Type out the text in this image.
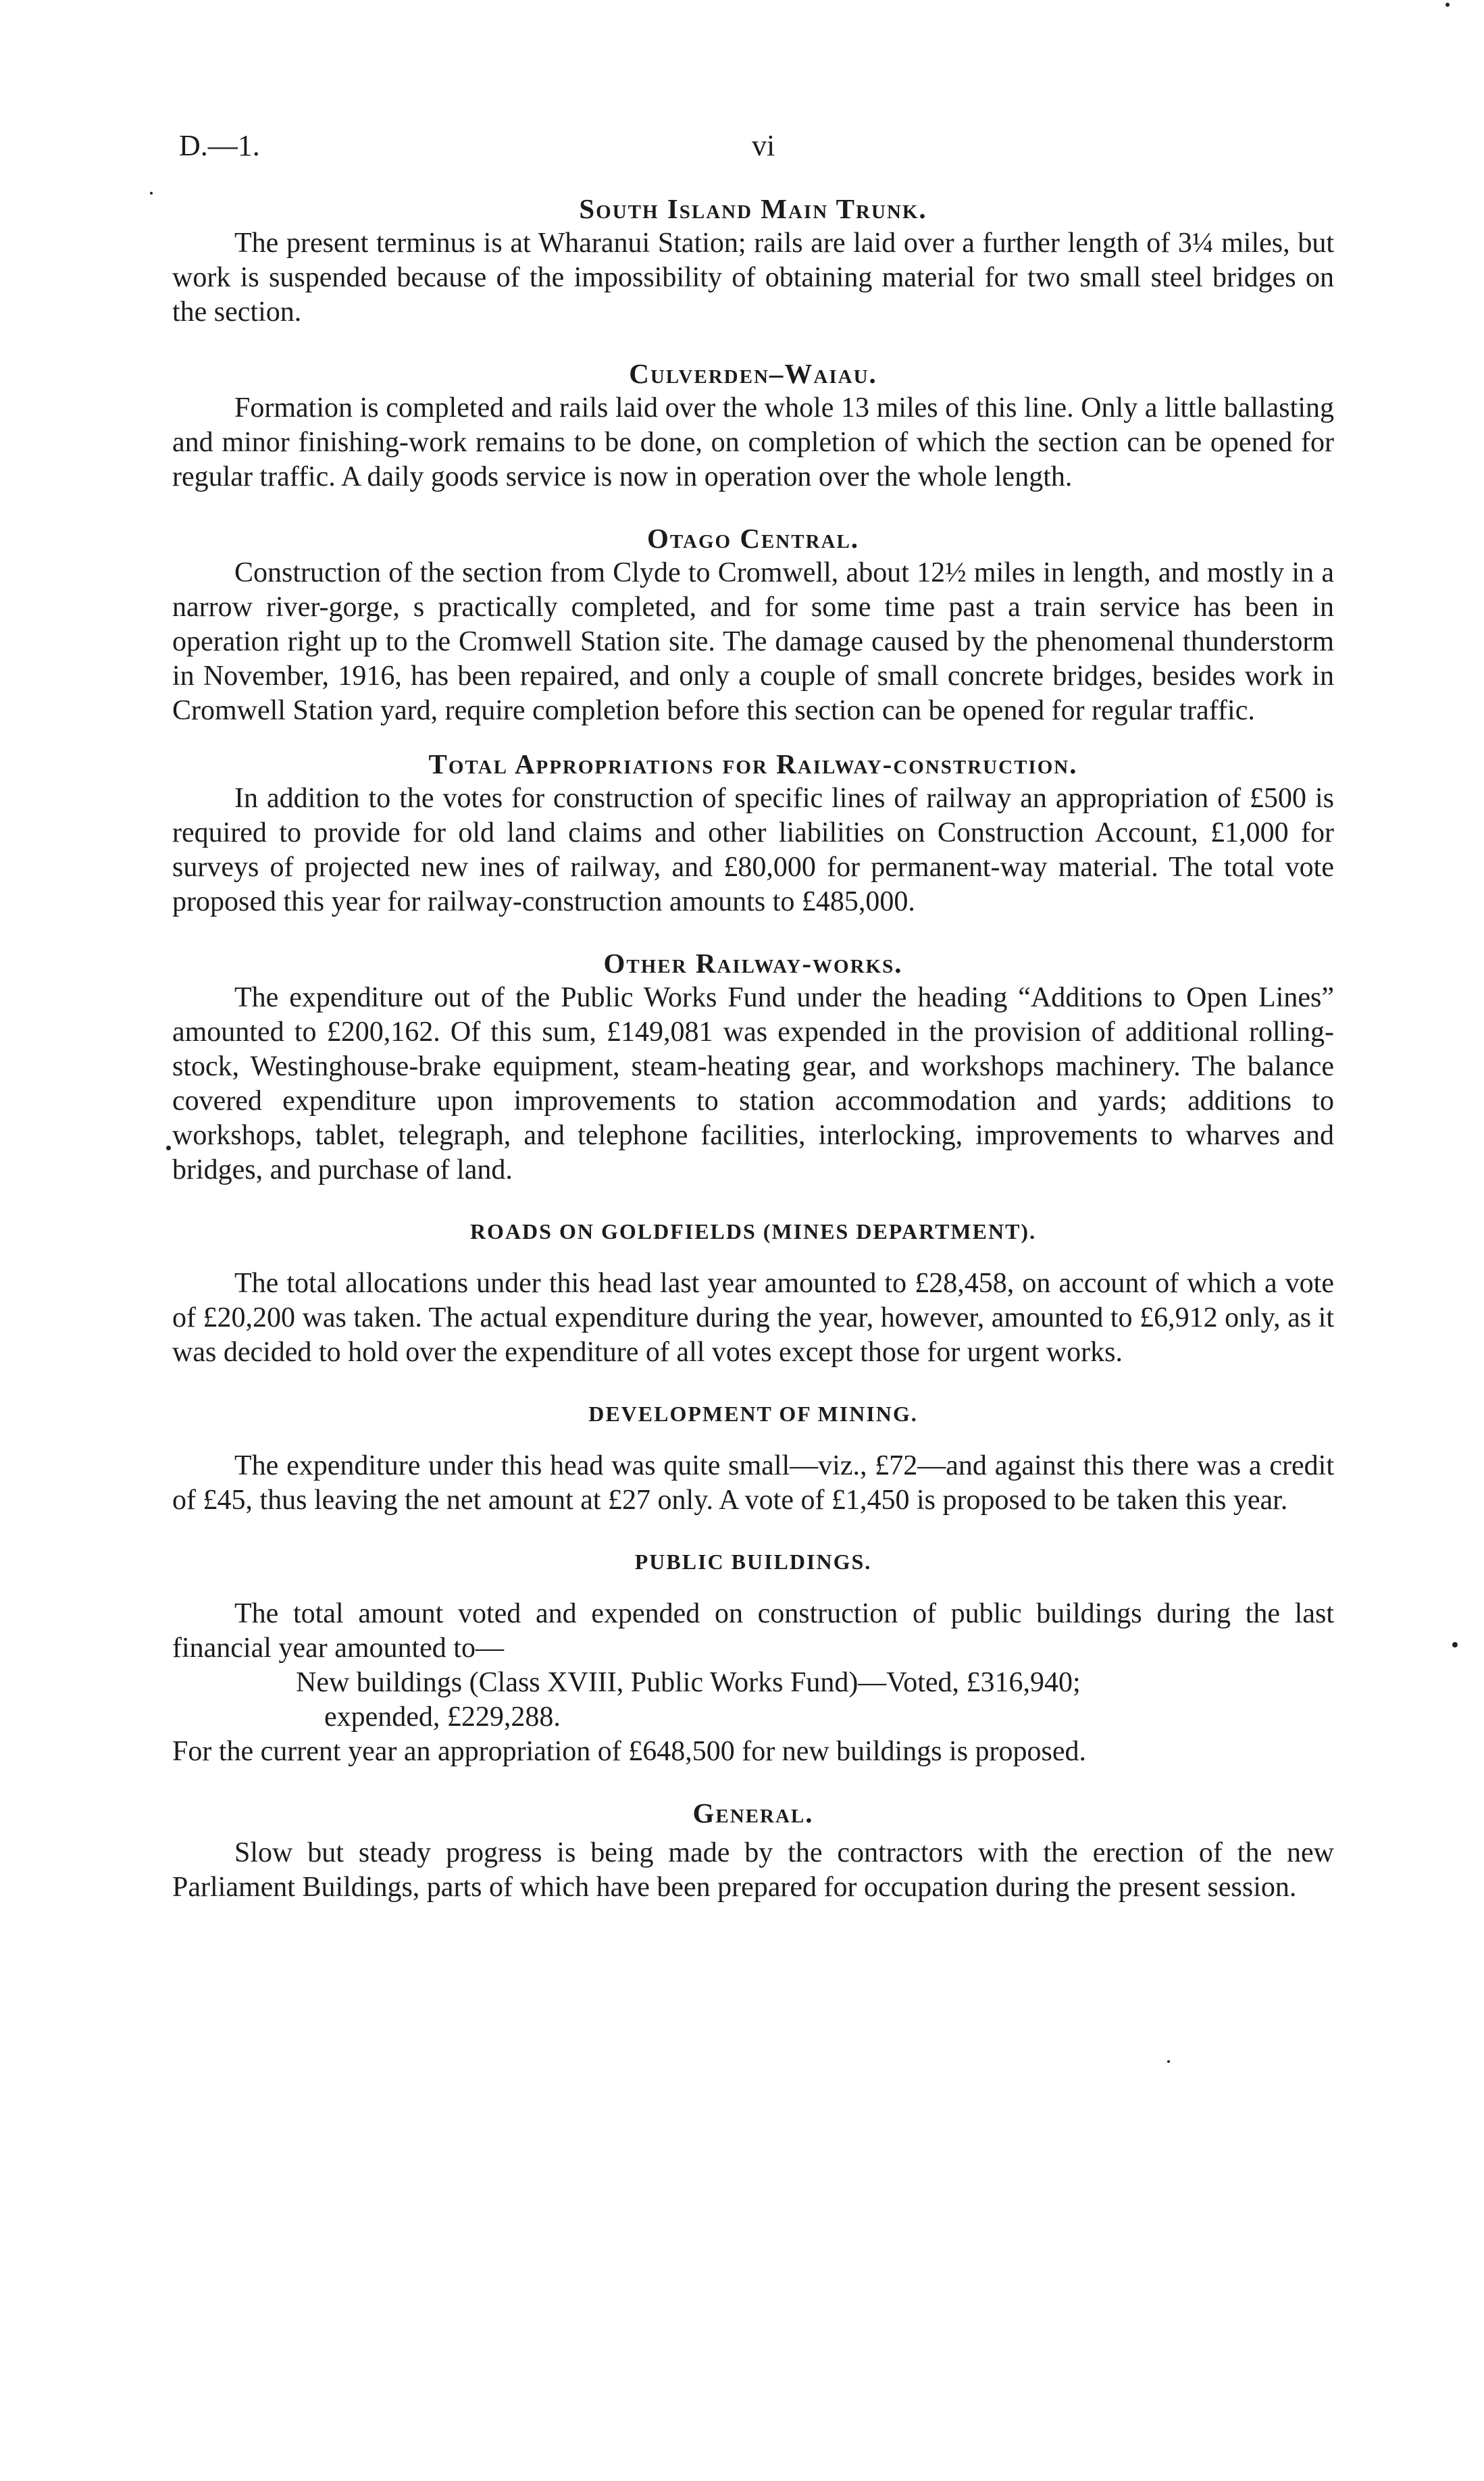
D.—1.	vi
South Island Main Trunk.

The present terminus is at Wharanui Station; rails are laid over a further length of 3¼ miles, but work is suspended because of the impossibility of obtaining material for two small steel bridges on the section.

Culverden–Waiau.

Formation is completed and rails laid over the whole 13 miles of this line. Only a little ballasting and minor finishing-work remains to be done, on completion of which the section can be opened for regular traffic. A daily goods service is now in operation over the whole length.

Otago Central.

Construction of the section from Clyde to Cromwell, about 12½ miles in length, and mostly in a narrow river-gorge, s practically completed, and for some time past a train service has been in operation right up to the Cromwell Station site. The damage caused by the phenomenal thunderstorm in November, 1916, has been repaired, and only a couple of small concrete bridges, besides work in Cromwell Station yard, require completion before this section can be opened for regular traffic.

Total Appropriations for Railway-construction.

In addition to the votes for construction of specific lines of railway an appropriation of £500 is required to provide for old land claims and other liabilities on Construction Account, £1,000 for surveys of projected new ines of railway, and £80,000 for permanent-way material. The total vote proposed this year for railway-construction amounts to £485,000.

Other Railway-works.

The expenditure out of the Public Works Fund under the heading “Additions to Open Lines” amounted to £200,162. Of this sum, £149,081 was expended in the provision of additional rolling-stock, Westinghouse-brake equipment, steam-heating gear, and workshops machinery. The balance covered expenditure upon improvements to station accommodation and yards; additions to workshops, tablet, telegraph, and telephone facilities, interlocking, improvements to wharves and bridges, and purchase of land.

ROADS ON GOLDFIELDS (MINES DEPARTMENT).

The total allocations under this head last year amounted to £28,458, on account of which a vote of £20,200 was taken. The actual expenditure during the year, however, amounted to £6,912 only, as it was decided to hold over the expenditure of all votes except those for urgent works.

DEVELOPMENT OF MINING.

The expenditure under this head was quite small—viz., £72—and against this there was a credit of £45, thus leaving the net amount at £27 only. A vote of £1,450 is proposed to be taken this year.

PUBLIC BUILDINGS.

The total amount voted and expended on construction of public buildings during the last financial year amounted to—

New buildings (Class XVIII, Public Works Fund)—Voted, £316,940;

expended, £229,288.

For the current year an appropriation of £648,500 for new buildings is proposed.

General.

Slow but steady progress is being made by the contractors with the erection of the new Parliament Buildings, parts of which have been prepared for occupation during the present session.
